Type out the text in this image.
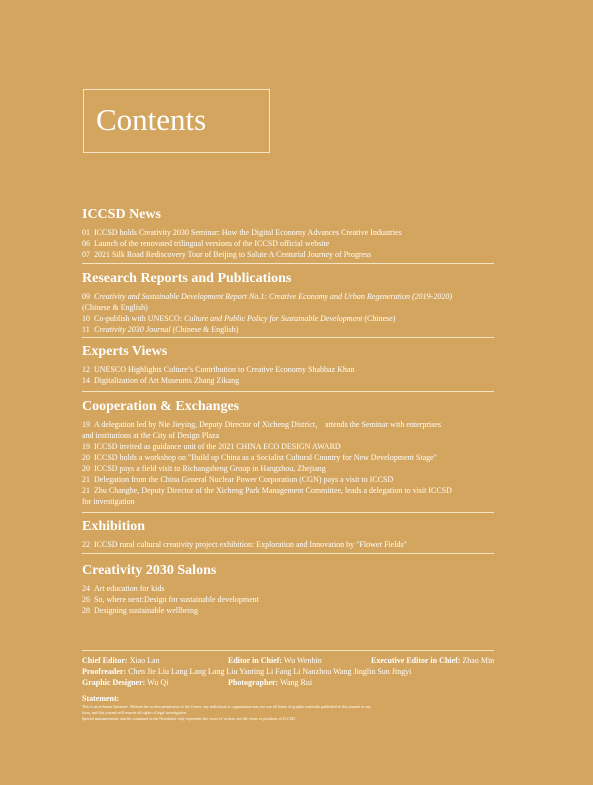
Contents
ICCSD News
01 ICCSD holds Creativity 2030 Seminar: How the Digital Economy Advances Creative Industries
06 Launch of the renovated trilingual versions of the ICCSD official website
07 2021 Silk Road Rediscovery Tour of Beijing to Salute A Centurial Journey of Progress
Research Reports and Publications
09 Creativity and Sustainable Development Report No.1: Creative Economy and Urban Regeneration (2019-2020)
(Chinese & English)
10 Co-publish with UNESCO: Culture and Public Policy for Sustainable Development (Chinese)
11 Creativity 2030 Journal (Chinese & English)
Experts Views
12 UNESCO Highlights Culture’s Contribution to Creative Economy Shahbaz Khan
14 Digitalization of Art Museums Zhang Zikang
Cooperation & Exchanges
19 A delegation led by Nie Jieying, Deputy Director of Xicheng District， attends the Seminar with enterprises
and institutions at the City of Design Plaza
19 ICCSD invited as guidance unit of the 2021 CHINA ECO DESIGN AWARD
20 ICCSD holds a workshop on "Build up China as a Socialist Cultural Country for New Development Stage"
20 ICCSD pays a field visit to Richangsheng Group in Hangzhou, Zhejiang
21 Delegation from the China General Nuclear Power Corporation (CGN) pays a visit to ICCSD
21 Zhu Changhe, Deputy Director of the Xicheng Park Management Committee, leads a delegation to visit ICCSD
for investigation
Exhibition
22 ICCSD rural cultural creativity project exhibition: Exploration and Innovation by "Flower Fields"
Creativity 2030 Salons
24 Art education for kids
26 So, where next:Design for sustainable development
28 Designing sustainable wellbeing
Chief Editor: Xiao Lan	Editor in Chief: Wu Wenbin	Executive Editor in Chief: Zhao Min
Proofreader: Chen Jie Liu Lang Lang Lang Liu Yanting Li Fang Li Nanzhou Wang Jinglin Sun Jingyi
Graphic Designer: Wu Qi	Photographer: Wang Rui
Statement:
This is an in-house literature. Without the written permission of the Center, any individual or organization may not use all forms of graphic materials published in this journal in any
form, and this journal will reserve all rights of legal investigation.
Special announcement: articles contained in the Newsletter only represents the views of writers, not the views or positions of ICCSD.
